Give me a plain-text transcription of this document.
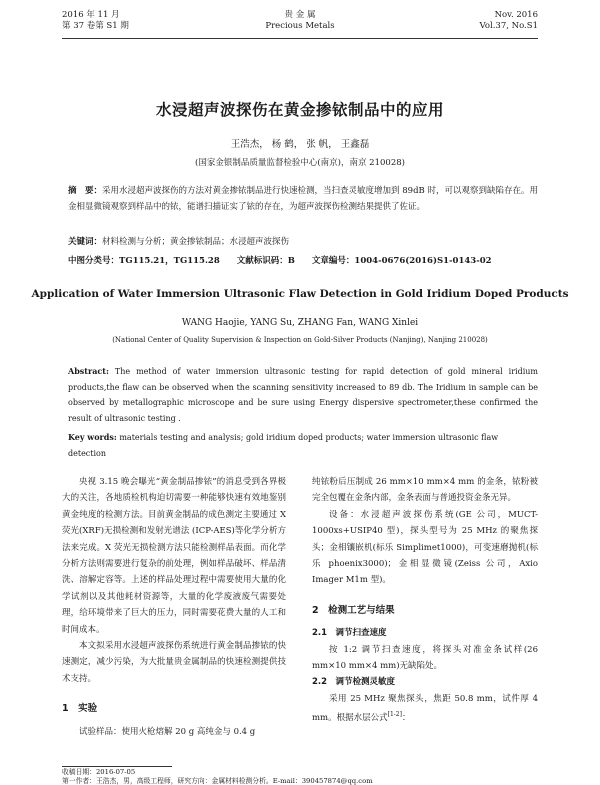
2016 年 11 月
第 37 卷第 S1 期
贵 金 属
Precious Metals
Nov. 2016
Vol.37, No.S1
水浸超声波探伤在黄金掺铱制品中的应用
王浩杰， 杨 鹤， 张 帆， 王鑫磊
(国家金银制品质量监督检验中心(南京)，南京 210028)
摘　要：采用水浸超声波探伤的方法对黄金掺铱制品进行快速检测，当扫查灵敏度增加到 89dB 时，可以观察到缺陷存在。用金相显微镜观察到样品中的铱，能谱扫描证实了铱的存在，为超声波探伤检测结果提供了佐证。
关键词：材料检测与分析；黄金掺铱制品；水浸超声波探伤
中图分类号：TG115.21，TG115.28　　文献标识码：B　　文章编号：1004-0676(2016)S1-0143-02
Application of Water Immersion Ultrasonic Flaw Detection in Gold Iridium Doped Products
WANG Haojie, YANG Su, ZHANG Fan, WANG Xinlei
(National Center of Quality Supervision & Inspection on Gold-Silver Products (Nanjing), Nanjing 210028)
Abstract: The method of water immersion ultrasonic testing for rapid detection of gold mineral iridium products,the flaw can be observed when the scanning sensitivity increased to 89 db. The Iridium in sample can be observed by metallographic microscope and be sure using Energy dispersive spectrometer,these confirmed the result of ultrasonic testing .
Key words: materials testing and analysis; gold iridium doped products; water immersion ultrasonic flaw detection

央视 3.15 晚会曝光“黄金制品掺铱”的消息受到各界极大的关注，各地质检机构迫切需要一种能够快速有效地鉴别黄金纯度的检测方法。目前黄金制品的成色测定主要通过 X 荧光(XRF)无损检测和发射光谱法 (ICP-AES)等化学分析方法来完成。X 荧光无损检测方法只能检测样品表面。而化学分析方法则需要进行复杂的前处理，例如样品破坏、样品清洗、溶解定容等。上述的样品处理过程中需要使用大量的化学试剂以及其他耗材资源等，大量的化学废液废气需要处理，给环境带来了巨大的压力，同时需要花费大量的人工和时间成本。

本文拟采用水浸超声波探伤系统进行黄金制品掺铱的快速测定，减少污染，为大批量贵金属制品的快速检测提供技术支持。

1　实验

试验样品：使用火枪熔解 20 g 高纯金与 0.4 g

纯铱粉后压制成 26 mm×10 mm×4 mm 的金条，铱粉被完全包覆在金条内部，金条表面与普通投资金条无异。

设备：水浸超声波探伤系统(GE 公司，MUCT-1000xs+USIP40 型)，探头型号为 25 MHz 的聚焦探头；金相镶嵌机(标乐 Simplimet1000)，可变速磨抛机(标乐 phoenix3000)；金相显微镜(Zeiss 公司，Axio Imager M1m 型)。

2　检测工艺与结果
2.1　调节扫查速度

按 1:2 调节扫查速度，将探头对准金条试样(26 mm×10 mm×4 mm)无缺陷处。

2.2　调节检测灵敏度

采用 25 MHz 聚焦探头，焦距 50.8 mm，试件厚 4 mm。根据水层公式[1-2]：

收稿日期：2016-07-05
第一作者：王浩杰，男，高级工程师，研究方向：金属材料检测分析。E-mail：390457874@qq.com
